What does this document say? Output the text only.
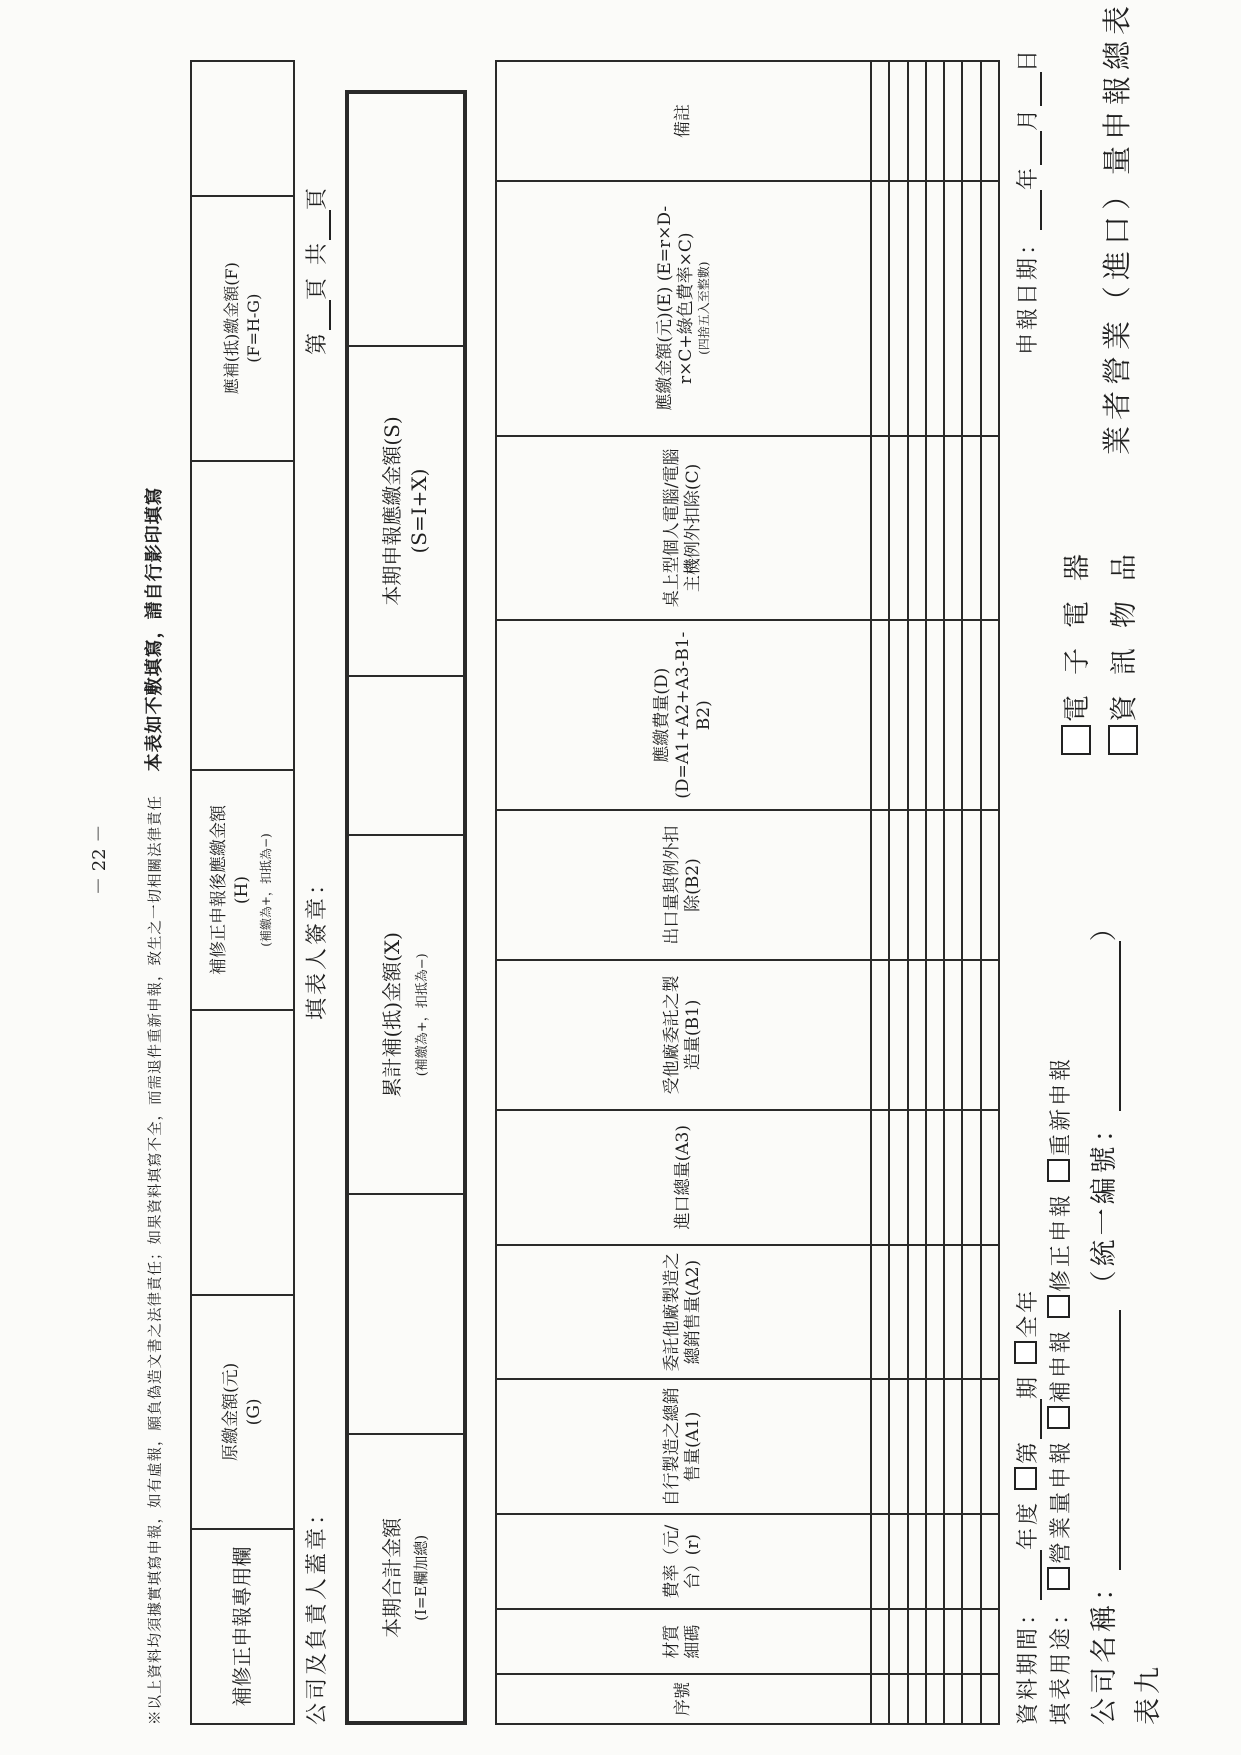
表九
公司名稱： （統一編號：）
電子電器 資訊物品
業者營業（進口）量申報總表
填表用途： 營業量申報 補申報 修正申報 重新申報
資料期間：年度 第期 全年
申報日期：年月日
序號	材質細碼	費率（元/台）(r)	自行製造之總銷售量(A1)	委託他廠製造之總銷售量(A2)	進口總量(A3)	受他廠委託之製造量(B1)	出口量與例外扣除(B2)	應繳費量(D) (D=A1+A2+A3-B1-B2)	桌上型個人電腦/電腦主機例外扣除(C)	應繳金額(元)(E) (E=r×D-r×C+綠色費率×C) (四捨五入至整數)	備註

本期合計金額 (I=E欄加總)		累計補(抵)金額(X) (補繳為+，扣抵為−)		本期申報應繳金額(S) (S=I+X)	
公司及負責人蓋章：
填表人簽章：
第頁 共頁
補修正申報專用欄	原繳金額(元) (G)		補修正申報後應繳金額 (H) (補繳為+，扣抵為−)		應補(抵)繳金額(F) (F=H-G)	
※以上資料均須據實填寫申報，如有虛報，願負偽造文書之法律責任；如果資料填寫不全，而需退件重新申報，致生之一切相關法律責任 本表如不敷填寫，請自行影印填寫
－ 22 －
